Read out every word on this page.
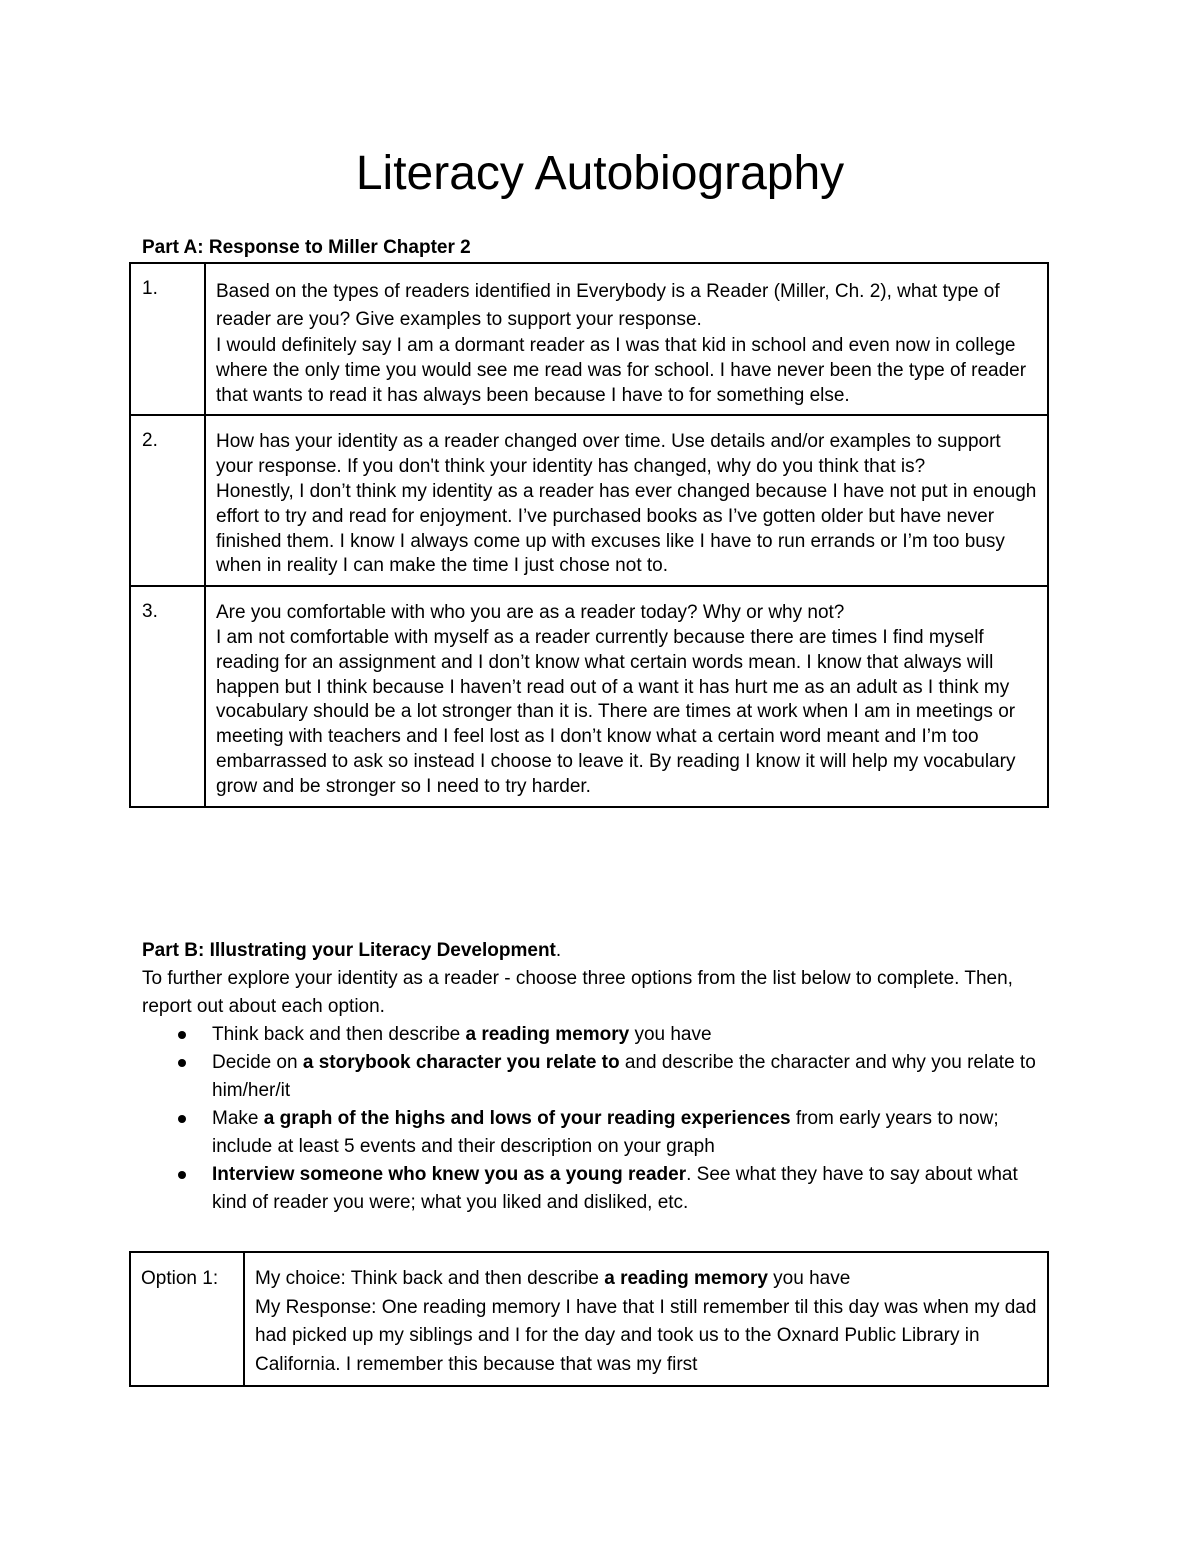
Literacy Autobiography

Part A: Response to Miller Chapter 2

1.	Based on the types of readers identified in Everybody is a Reader (Miller, Ch. 2), what type of reader are you? Give examples to support your response.

I would definitely say I am a dormant reader as I was that kid in school and even now in college where the only time you would see me read was for school. I have never been the type of reader that wants to read it has always been because I have to for something else.

2.	How has your identity as a reader changed over time. Use details and/or examples to support your response. If you don't think your identity has changed, why do you think that is?

Honestly, I don’t think my identity as a reader has ever changed because I have not put in enough effort to try and read for enjoyment. I’ve purchased books as I’ve gotten older but have never finished them. I know I always come up with excuses like I have to run errands or I’m too busy when in reality I can make the time I just chose not to.

3.	Are you comfortable with who you are as a reader today? Why or why not?

I am not comfortable with myself as a reader currently because there are times I find myself reading for an assignment and I don’t know what certain words mean. I know that always will happen but I think because I haven’t read out of a want it has hurt me as an adult as I think my vocabulary should be a lot stronger than it is. There are times at work when I am in meetings or meeting with teachers and I feel lost as I don’t know what a certain word meant and I’m too embarrassed to ask so instead I choose to leave it. By reading I know it will help my vocabulary grow and be stronger so I need to try harder.

Part B: Illustrating your Literacy Development.

To further explore your identity as a reader - choose three options from the list below to complete. Then, report out about each option.

Think back and then describe a reading memory you have
Decide on a storybook character you relate to and describe the character and why you relate to him/her/it
Make a graph of the highs and lows of your reading experiences from early years to now; include at least 5 events and their description on your graph
Interview someone who knew you as a young reader. See what they have to say about what kind of reader you were; what you liked and disliked, etc.
Option 1:	My choice: Think back and then describe a reading memory you have
My Response: One reading memory I have that I still remember til this day was when my dad had picked up my siblings and I for the day and took us to the Oxnard Public Library in California. I remember this because that was my first
